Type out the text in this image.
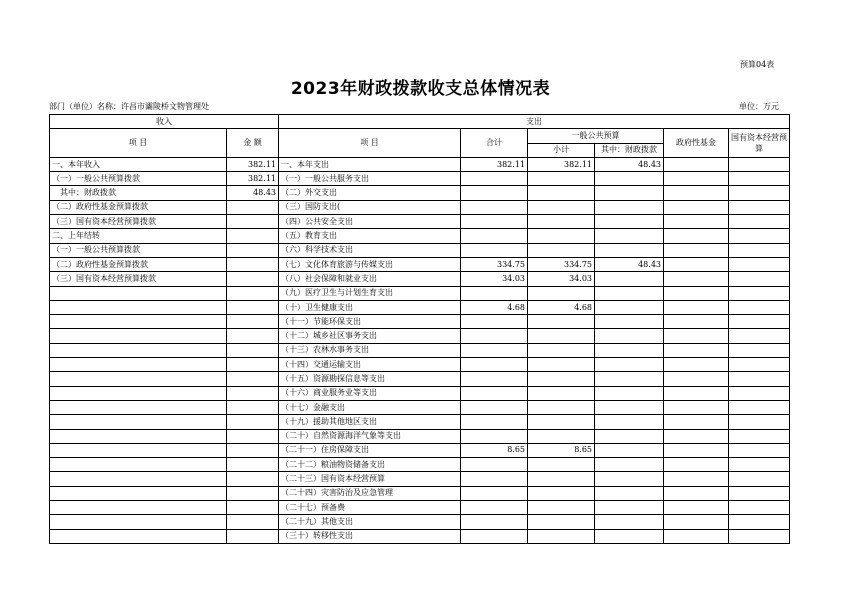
预算04表
2023年财政拨款收支总体情况表
部门（单位）名称：许昌市灞陵桥文物管理处	单位：万元
收入		支出					
项 目	金 额	项 目	合计	一般公共预算		政府性基金	国有资本经营预算
				小计	其中：财政拨款		
一、本年收入	382.11	一、本年支出	382.11	382.11	48.43		
（一）一般公共预算拨款	382.11	（一）一般公共服务支出					
其中：财政拨款	48.43	（二）外交支出					
（二）政府性基金预算拨款		（三）国防支出(					
（三）国有资本经营预算拨款		（四）公共安全支出					
二、上年结转		（五）教育支出					
（一）一般公共预算拨款		（六）科学技术支出					
（二）政府性基金预算拨款		（七）文化体育旅游与传媒支出	334.75	334.75	48.43		
（三）国有资本经营预算拨款		（八）社会保障和就业支出	34.03	34.03			
		（九）医疗卫生与计划生育支出					
		（十）卫生健康支出	4.68	4.68			
		（十一）节能环保支出					
		（十二）城乡社区事务支出					
		（十三）农林水事务支出					
		（十四）交通运输支出					
		（十五）资源勘探信息等支出					
		（十六）商业服务业等支出					
		（十七）金融支出					
		（十九）援助其他地区支出					
		（二十）自然资源海洋气象等支出					
		（二十一）住房保障支出	8.65	8.65			
		（二十二）粮油物资储备支出					
		（二十三）国有资本经营预算					
		（二十四）灾害防治及应急管理					
		（二十七）预备费					
		（二十九）其他支出					
		（三十）转移性支出					
